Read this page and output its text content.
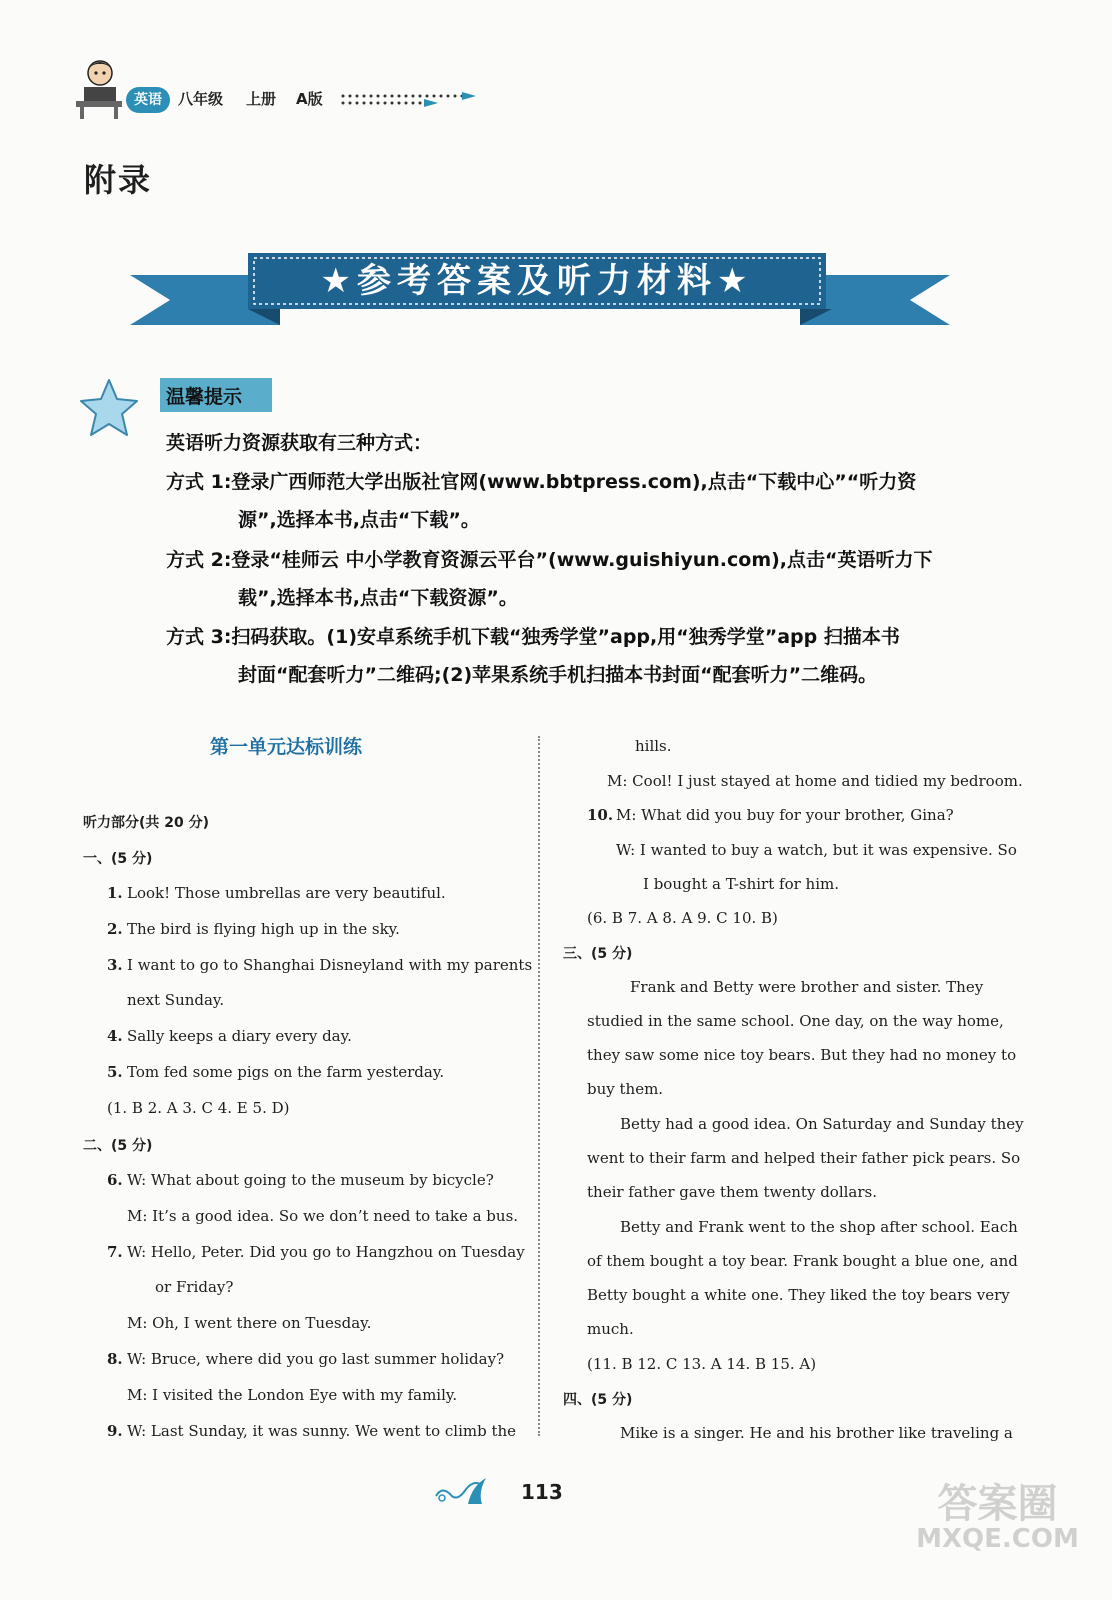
英语	八年级 上册 A版
附录
★参考答案及听力材料★
温馨提示
英语听力资源获取有三种方式：
方式 1:登录广西师范大学出版社官网(www.bbtpress.com),点击“下载中心”“听力资
源”,选择本书,点击“下载”。
方式 2:登录“桂师云 中小学教育资源云平台”(www.guishiyun.com),点击“英语听力下
载”,选择本书,点击“下载资源”。
方式 3:扫码获取。(1)安卓系统手机下载“独秀学堂”app,用“独秀学堂”app 扫描本书
封面“配套听力”二维码;(2)苹果系统手机扫描本书封面“配套听力”二维码。
第一单元达标训练
听力部分(共 20 分)
一、(5 分)
1. Look! Those umbrellas are very beautiful.
2. The bird is flying high up in the sky.
3. I want to go to Shanghai Disneyland with my parents
next Sunday.
4. Sally keeps a diary every day.
5. Tom fed some pigs on the farm yesterday.
(1. B 2. A 3. C 4. E 5. D)
二、(5 分)
6. W: What about going to the museum by bicycle?
M: It’s a good idea. So we don’t need to take a bus.
7. W: Hello, Peter. Did you go to Hangzhou on Tuesday
or Friday?
M: Oh, I went there on Tuesday.
8. W: Bruce, where did you go last summer holiday?
M: I visited the London Eye with my family.
9. W: Last Sunday, it was sunny. We went to climb the
hills.
M: Cool! I just stayed at home and tidied my bedroom.
10. M: What did you buy for your brother, Gina?
W: I wanted to buy a watch, but it was expensive. So
I bought a T-shirt for him.
(6. B 7. A 8. A 9. C 10. B)
三、(5 分)
Frank and Betty were brother and sister. They
studied in the same school. One day, on the way home,
they saw some nice toy bears. But they had no money to
buy them.
Betty had a good idea. On Saturday and Sunday they
went to their farm and helped their father pick pears. So
their father gave them twenty dollars.
Betty and Frank went to the shop after school. Each
of them bought a toy bear. Frank bought a blue one, and
Betty bought a white one. They liked the toy bears very
much.
(11. B 12. C 13. A 14. B 15. A)
四、(5 分)
Mike is a singer. He and his brother like traveling a
113	答案圈
MXQE.COM
